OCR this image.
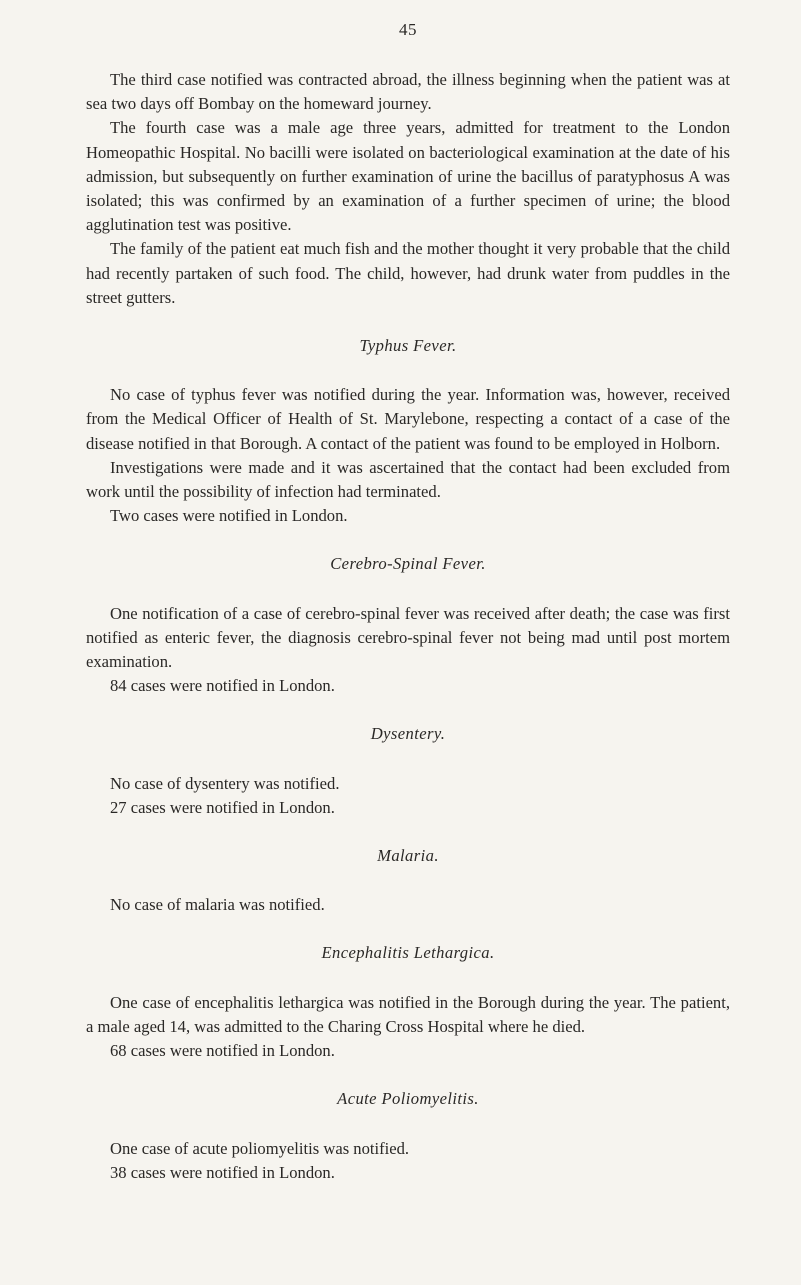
45

The third case notified was contracted abroad, the illness beginning when the patient was at sea two days off Bombay on the homeward journey.

The fourth case was a male age three years, admitted for treatment to the London Homeopathic Hospital. No bacilli were isolated on bacteriological examination at the date of his admission, but subsequently on further examination of urine the bacillus of paratyphosus A was isolated; this was confirmed by an examination of a further specimen of urine; the blood agglutination test was positive.

The family of the patient eat much fish and the mother thought it very probable that the child had recently partaken of such food. The child, however, had drunk water from puddles in the street gutters.

Typhus Fever.

No case of typhus fever was notified during the year. Information was, however, received from the Medical Officer of Health of St. Marylebone, respecting a contact of a case of the disease notified in that Borough. A contact of the patient was found to be employed in Holborn.

Investigations were made and it was ascertained that the contact had been excluded from work until the possibility of infection had terminated.

Two cases were notified in London.

Cerebro-Spinal Fever.

One notification of a case of cerebro-spinal fever was received after death; the case was first notified as enteric fever, the diagnosis cerebro-spinal fever not being mad until post mortem examination.

84 cases were notified in London.

Dysentery.

No case of dysentery was notified.

27 cases were notified in London.

Malaria.

No case of malaria was notified.

Encephalitis Lethargica.

One case of encephalitis lethargica was notified in the Borough during the year. The patient, a male aged 14, was admitted to the Charing Cross Hospital where he died.

68 cases were notified in London.

Acute Poliomyelitis.

One case of acute poliomyelitis was notified.

38 cases were notified in London.
